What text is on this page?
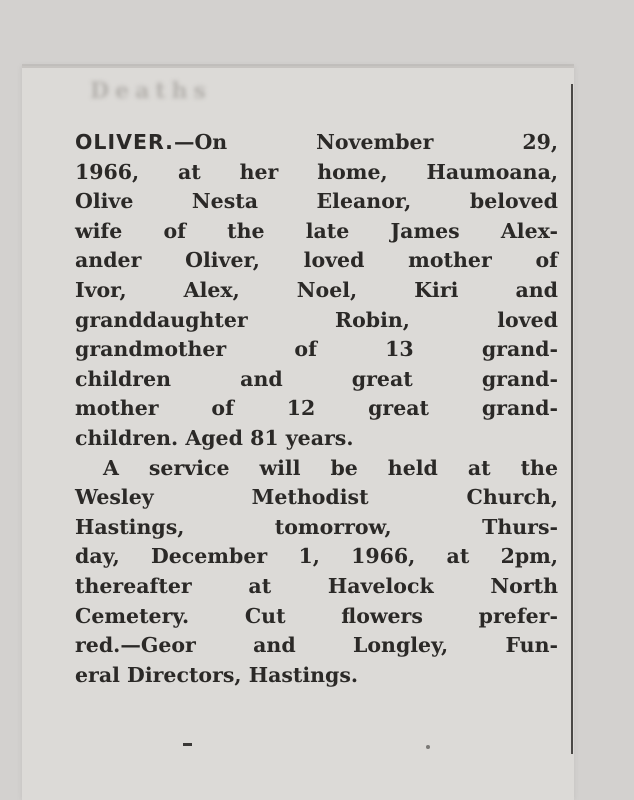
Deaths
OLIVER.—On November 29,
1966, at her home, Haumoana,
Olive Nesta Eleanor, beloved
wife of the late James Alex-
ander Oliver, loved mother of
Ivor, Alex, Noel, Kiri and
granddaughter Robin, loved
grandmother of 13 grand-
children and great grand-
mother of 12 great grand-
children. Aged 81 years.
A service will be held at the
Wesley Methodist Church,
Hastings, tomorrow, Thurs-
day, December 1, 1966, at 2pm,
thereafter at Havelock North
Cemetery. Cut flowers prefer-
red.—Geor and Longley, Fun-
eral Directors, Hastings.
